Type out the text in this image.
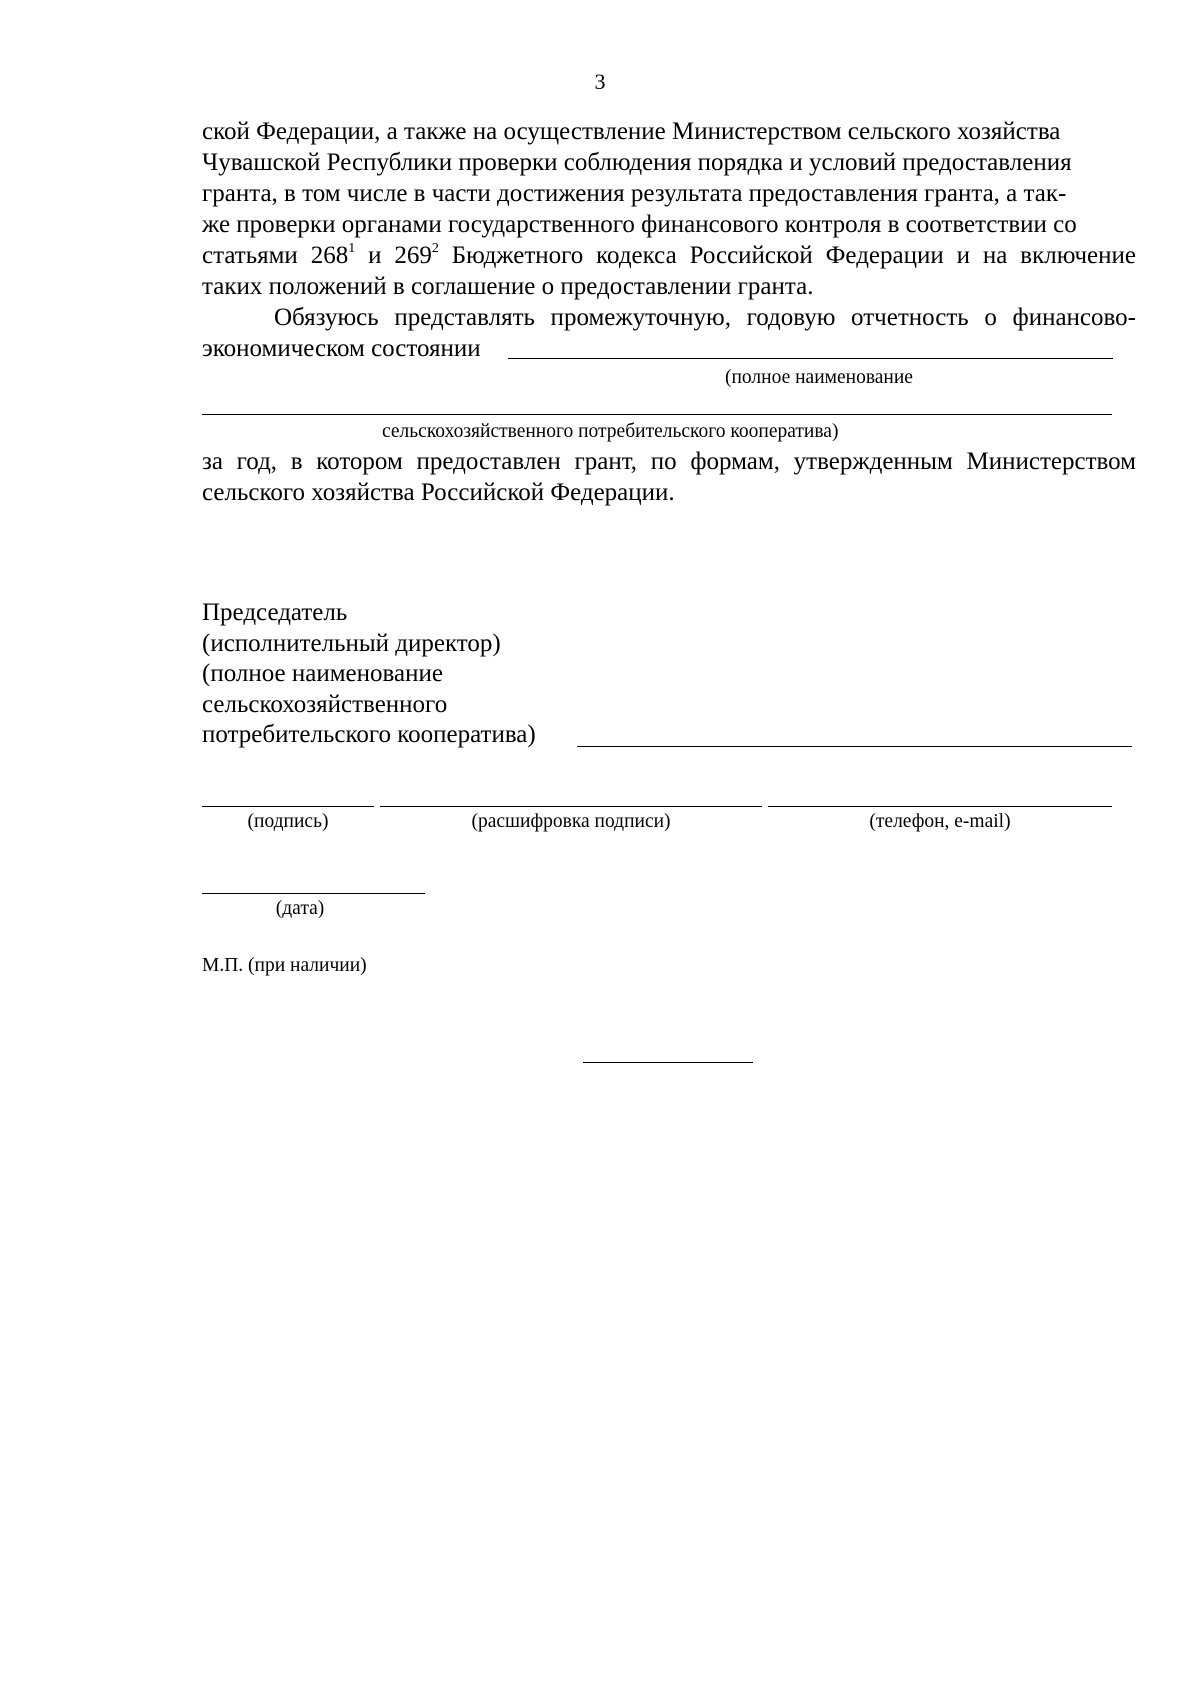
3
ской Федерации, а также на осуществление Министерством сельского хозяйства
Чувашской Республики проверки соблюдения порядка и условий предоставления
гранта, в том числе в части достижения результата предоставления гранта, а так-
же проверки органами государственного финансового контроля в соответствии со
статьями $268^1$ и $269^2$ Бюджетного кодекса Российской Федерации и на включение
таких положений в соглашение о предоставлении гранта.
Обязуюсь представлять промежуточную, годовую отчетность о финансово-
экономическом состоянии
(полное наименование
сельскохозяйственного потребительского кооператива)
за год, в котором предоставлен грант, по формам, утвержденным Министерством
сельского хозяйства Российской Федерации.
Председатель
(исполнительный директор)
(полное наименование
сельскохозяйственного
потребительского кооператива)
(подпись)	(расшифровка подписи)	(телефон, e-mail)
(дата)
М.П. (при наличии)
